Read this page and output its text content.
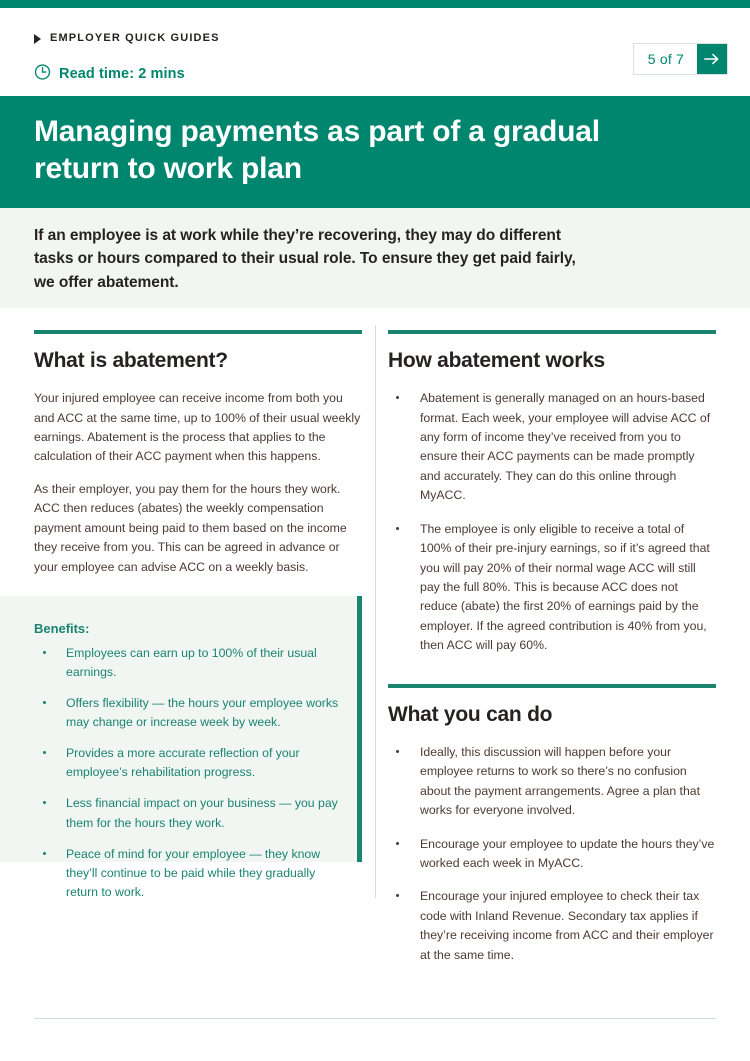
EMPLOYER QUICK GUIDES
Read time: 2 mins
5 of 7
Managing payments as part of a gradual return to work plan

If an employee is at work while they’re recovering, they may do different tasks or hours compared to their usual role. To ensure they get paid fairly, we offer abatement.

What is abatement?

Your injured employee can receive income from both you and ACC at the same time, up to 100% of their usual weekly earnings. Abatement is the process that applies to the calculation of their ACC payment when this happens.

As their employer, you pay them for the hours they work. ACC then reduces (abates) the weekly compensation payment amount being paid to them based on the income they receive from you. This can be agreed in advance or your employee can advise ACC on a weekly basis.

Benefits:

Employees can earn up to 100% of their usual earnings.
Offers flexibility — the hours your employee works may change or increase week by week.
Provides a more accurate reflection of your employee’s rehabilitation progress.
Less financial impact on your business — you pay them for the hours they work.
Peace of mind for your employee — they know they’ll continue to be paid while they gradually return to work.
How abatement works
Abatement is generally managed on an hours-based format. Each week, your employee will advise ACC of any form of income they’ve received from you to ensure their ACC payments can be made promptly and accurately. They can do this online through MyACC.
The employee is only eligible to receive a total of 100% of their pre-injury earnings, so if it’s agreed that you will pay 20% of their normal wage ACC will still pay the full 80%. This is because ACC does not reduce (abate) the first 20% of earnings paid by the employer. If the agreed contribution is 40% from you, then ACC will pay 60%.
What you can do
Ideally, this discussion will happen before your employee returns to work so there’s no confusion about the payment arrangements. Agree a plan that works for everyone involved.
Encourage your employee to update the hours they’ve worked each week in MyACC.
Encourage your injured employee to check their tax code with Inland Revenue. Secondary tax applies if they’re receiving income from ACC and their employer at the same time.
